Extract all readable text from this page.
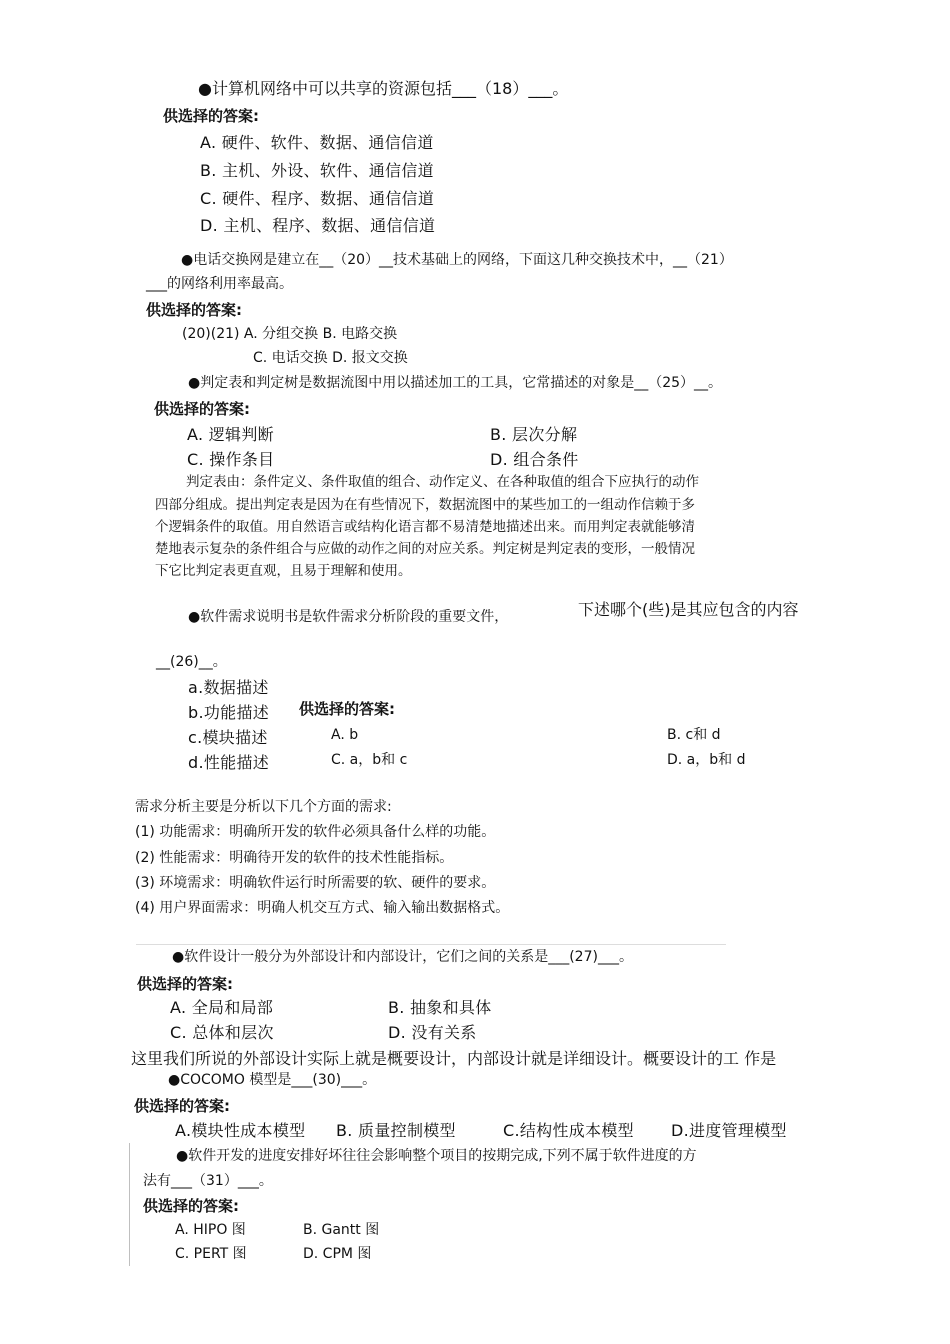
●计算机网络中可以共享的资源包括___（18）___。
供选择的答案:
A. 硬件、软件、数据、通信信道
B. 主机、外设、软件、通信信道
C. 硬件、程序、数据、通信信道
D. 主机、程序、数据、通信信道
●电话交换网是建立在__（20）__技术基础上的网络，下面这几种交换技术中，__（21）
___的网络利用率最高。
供选择的答案:
(20)(21) A. 分组交换 B. 电路交换
C. 电话交换 D. 报文交换
●判定表和判定树是数据流图中用以描述加工的工具，它常描述的对象是__（25）__。
供选择的答案:
A. 逻辑判断	B. 层次分解
C. 操作条目	D. 组合条件
判定表由：条件定义、条件取值的组合、动作定义、在各种取值的组合下应执行的动作
四部分组成。提出判定表是因为在有些情况下，数据流图中的某些加工的一组动作信赖于多
个逻辑条件的取值。用自然语言或结构化语言都不易清楚地描述出来。而用判定表就能够清
楚地表示复杂的条件组合与应做的动作之间的对应关系。判定树是判定表的变形，一般情况
下它比判定表更直观，且易于理解和使用。
●软件需求说明书是软件需求分析阶段的重要文件，	下述哪个(些)是其应包含的内容
__(26)__。
a.数据描述
b.功能描述
c.模块描述
d.性能描述
供选择的答案:
A. b	B. c和 d
C. a，b和 c	D. a，b和 d
需求分析主要是分析以下几个方面的需求:
(1) 功能需求：明确所开发的软件必须具备什么样的功能。
(2) 性能需求：明确待开发的软件的技术性能指标。
(3) 环境需求：明确软件运行时所需要的软、硬件的要求。
(4) 用户界面需求：明确人机交互方式、输入输出数据格式。
●软件设计一般分为外部设计和内部设计，它们之间的关系是___(27)___。
供选择的答案:
A. 全局和局部	B. 抽象和具体
C. 总体和层次	D. 没有关系
这里我们所说的外部设计实际上就是概要设计，内部设计就是详细设计。概要设计的工 作是
●COCOMO 模型是___(30)___。
供选择的答案:
A.模块性成本模型 B. 质量控制模型	C.结构性成本模型 D.进度管理模型
●软件开发的进度安排好坏往往会影响整个项目的按期完成,下列不属于软件进度的方
法有___（31）___。
供选择的答案:
A. HIPO 图	B. Gantt 图
C. PERT 图	D. CPM 图
